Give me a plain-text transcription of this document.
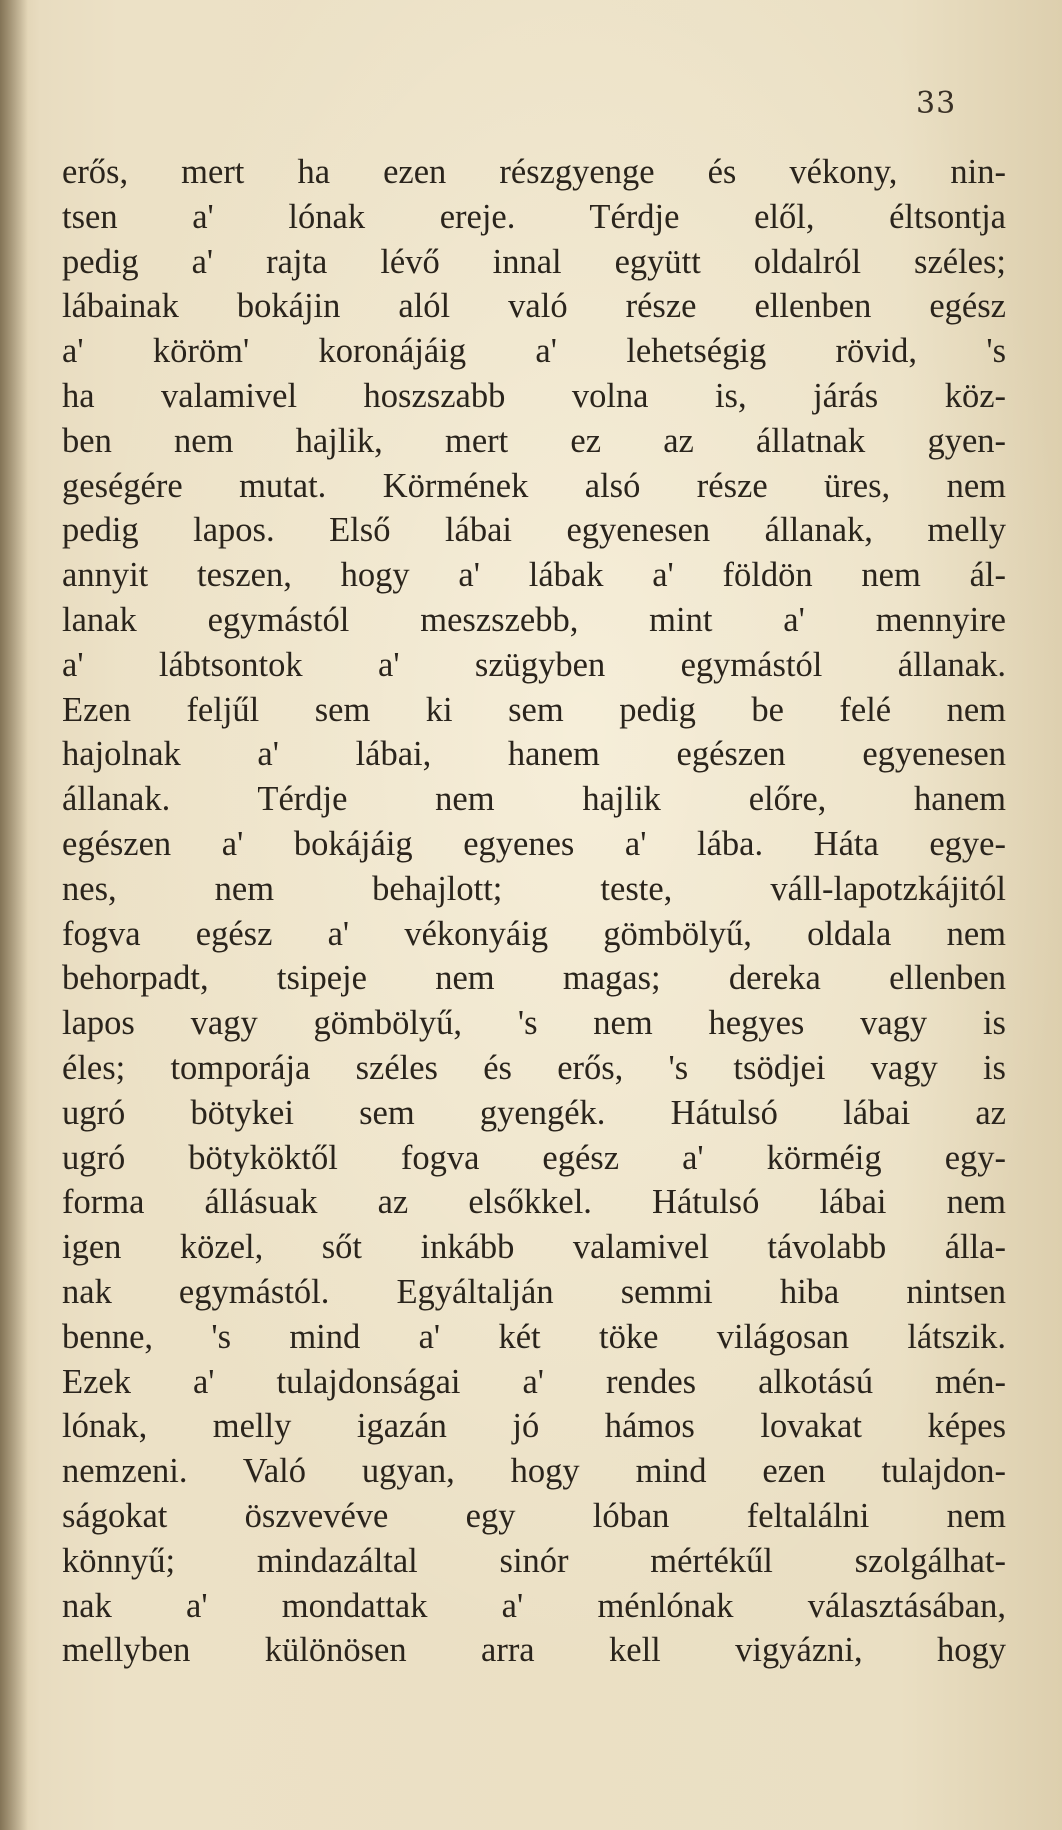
33
erős, mert ha ezen részgyenge és vékony, nin-
tsen a' lónak ereje. Térdje elől, éltsontja
pedig a' rajta lévő innal együtt oldalról széles;
lábainak bokájin alól való része ellenben egész
a' köröm' koronájáig a' lehetségig rövid, 's
ha valamivel hoszszabb volna is, járás köz-
ben nem hajlik, mert ez az állatnak gyen-
geségére mutat. Körmének alsó része üres, nem
pedig lapos. Első lábai egyenesen állanak, melly
annyit teszen, hogy a' lábak a' földön nem ál-
lanak egymástól meszszebb, mint a' mennyire
a' lábtsontok a' szügyben egymástól állanak.
Ezen feljűl sem ki sem pedig be felé nem
hajolnak a' lábai, hanem egészen egyenesen
állanak. Térdje nem hajlik előre, hanem
egészen a' bokájáig egyenes a' lába. Háta egye-
nes, nem behajlott; teste, váll-lapotzkájitól
fogva egész a' vékonyáig gömbölyű, oldala nem
behorpadt, tsipeje nem magas; dereka ellenben
lapos vagy gömbölyű, 's nem hegyes vagy is
éles; tomporája széles és erős, 's tsödjei vagy is
ugró bötykei sem gyengék. Hátulsó lábai az
ugró bötyköktől fogva egész a' körméig egy-
forma állásuak az elsőkkel. Hátulsó lábai nem
igen közel, sőt inkább valamivel távolabb álla-
nak egymástól. Egyáltalján semmi hiba nintsen
benne, 's mind a' két töke világosan látszik.
Ezek a' tulajdonságai a' rendes alkotású mén-
lónak, melly igazán jó hámos lovakat képes
nemzeni. Való ugyan, hogy mind ezen tulajdon-
ságokat öszvevéve egy lóban feltalálni nem
könnyű; mindazáltal sinór mértékűl szolgálhat-
nak a' mondattak a' ménlónak választásában,
mellyben különösen arra kell vigyázni, hogy
